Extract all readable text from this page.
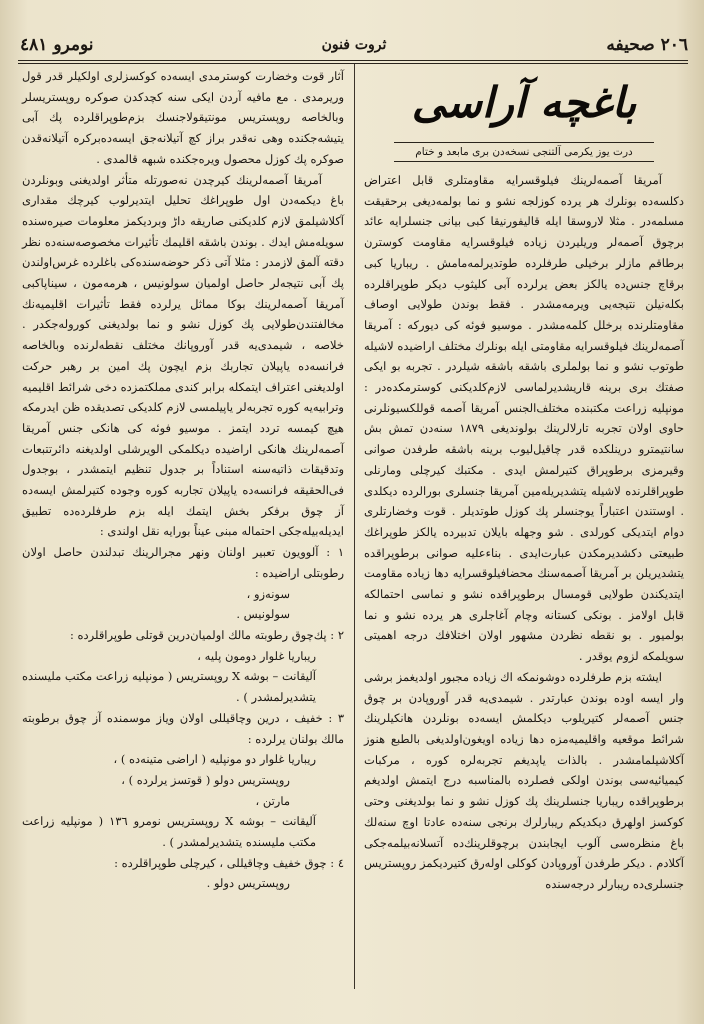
٢٠٦ صحيفه
ثروت فنون
نومرو ٤٨١
باغچه آراسی
درت یوز یکرمی آلتنجی نسخه‌دن بری مابعد و ختام

آمریقا آصمه‌لرینك فیلوقسرایه مقاومتلری قابل اعتراض دکلسه‌ده بونلرك هر یرده کوزلجه نشو و نما بولمه‌دیغی برحقیقت مسلمه‌در . مثلا لاروسقا ایله قالیفورنیقا کبی بیانی جنسلرایه عائد برچوق آصمه‌لر وریلیردن زیاده فیلوقسرایه مقاومت کوسترن برطاقم مازلر برخیلی طرفلرده طوتدیرلمه‌مامش . ریباریا کبی برقاچ جنس‌ده یالکز بعض یرلرده آبی کلیثوب دیکر طوپراقلرده بکله‌نیلن نتیجه‌یی ویرمه‌مشدر . فقط بوندن طولایی اوصاف مقاومتلرنده برخلل کلمه‌مشدر . موسیو فوئه کی دیورکه : آمریقا آصمه‌لرینك فیلوقسرایه مقاومتی ایله بونلرك مختلف اراضیده لاشیله طوتوب نشو و نما بولملری باشقه باشقه شیلردر . تجربه بو ایکی صفتك بری برینه قاریشدیرلماسی لازم‌کلدیکنی کوسترمکده‌در : مونپلیه زراعت مکتبنده مختلف‌الجنس آمریقا آصمه قوللکسیونلرنی حاوی اولان تجربه تارلالرینك بولوندیغی ١٨٧٩ سنه‌دن تمش بش سانتیمترو درینلکده قدر چاقیل‌لیوب برینه باشقه طرفدن صوانی وقیرمزی برطوپراق کتیرلمش ایدی . مکتبك کیرچلی ومارنلی طوپراقلرنده لاشیله یتشدیریله‌مین آمریقا جنسلری بورالرده دیکلدی . اوستندن اعتباراً یوجنسلر پك کوزل طوتدیلر . قوت وخضارتلری دوام ایتدیکی کورلدی . شو وجهله بایلان تدبیرده یالکز طوپراغك طبیعتی دکشدیرمکدن عبارت‌ایدی . بناءعلیه صوانی برطوپراقده یتشدیریلن بر آمریقا آصمه‌سنك محضافیلوقسرایه دها زیاده مقاومت ایتدیکندن طولایی قومسال برطوپراقده نشو و نماسی احتمالکه قابل اولامز . بونکی کستانه وچام آغاجلری هر یرده نشو و نما بولمیور . بو نقطه نظردن مشهور اولان اختلافك درجه اهمیتی سویلمکه لزوم یوقدر .

ایشته بزم طرفلرده دوشونمکه اك زیاده مجبور اولدیغمز برشی وار ایسه اوده بوندن عبارتدر . شیمدی‌یه قدر آوروپادن بر چوق جنس آصمه‌لر کتیریلوب دیکلمش ایسه‌ده بونلردن هانکیلرینك شرائط موقعیه واقلیمیه‌مزه دها زیاده اویغون‌اولدیغی بالطبع هنوز آکلاشیلمامشدر . بالذات یاپدیغم تجربه‌لره کوره ، مرکبات کیمیائیه‌سی بوندن اولکی فصلرده بالمناسبه درج ایتمش اولدیغم برطوپراقده ریباریا جنسلرینك پك کوزل نشو و نما بولدیغنی وحتی کوکسز اولهرق دیکدیکم ریبارلرك برنجی سنه‌ده عادتا اوچ سنه‌لك باغ منظره‌سی آلوب ایجابندن برچوقلرینك‌ده آتسلانه‌بیلمه‌جکی آکلادم . دیکر طرفدن آوروپادن کوکلی اوله‌رق کتیردیکمز روپستریس جنسلری‌ده ریبارلر درجه‌سنده

آثار قوت وخضارت کوسترمدی ایسه‌ده کوکسزلری اولکیلر قدر قول وریرمدی . مع مافیه آردن ایکی سنه کچدکدن صوکره روپستریسلر وبالخاصه روپستریس مونتیقولاجنسك بزم‌طوپراقلرده پك آبی یتیشه‌جکنده وهی نه‌قدر براز کچ آتیلانه‌جق ایسه‌ده‌برکره آتیلانه‌قدن صوکره پك کوزل محصول ویره‌جکنده شبهه قالمدی .

آمریقا آصمه‌لرینك کیرچدن نه‌صورتله متأثر اولدیغنی وبونلردن باغ دیکمه‌دن اول طوپراغك تحلیل ایتدیرلوب کیرچك مقداری آکلاشیلمق لازم کلدیکنی صاریقه داڑ وبردیکمز معلومات صیره‌سنده سویله‌مش ایدك . بوندن باشقه اقلیمك تأثیرات مخصوصه‌سنه‌ده نظر دقته آلمق لازمدر : مثلا آتی ذکر حوضه‌سنده‌کی باغلرده غرس‌اولندن پك آبی نتیجه‌لر حاصل اولمیان سولونیس ، هرمه‌مون ، سیناپاکبی آمریقا آصمه‌لرینك بوکا مماثل یرلرده فقط تأثیرات اقلیمیه‌نك مخالفتندن‌طولایی پك کوزل نشو و نما بولدیغنی کوروله‌جکدر . خلاصه ، شیمدی‌یه قدر آوروپانك مختلف نقطه‌لرنده وبالخاصه فرانسه‌ده یاپیلان تجاربك بزم ایچون پك امین بر رهبر حرکت اولدیغنی اعتراف ایتمکله برابر کندی مملکتمزده دخی شرائط اقلیمیه وترابیه‌یه کوره تجربه‌لر یاپیلمسی لازم کلدیکی تصدیقده ظن ایدرمکه هیچ کیمسه تردد ایتمز . موسیو فوئه کی هانکی جنس آمریقا آصمه‌لرینك هانکی اراضیده دیکلمکی الویرشلی اولدیغنه دائرتتبعات وتدقیقات ذاتیه‌سنه استناداً بر جدول تنظیم ایتمشدر ، بوجدول فی‌الحقیقه فرانسه‌ده یاپیلان تجاربه کوره وجوده کتیرلمش ایسه‌ده آز چوق برفکر بخش ایتمك ایله بزم طرفلرده‌ده تطبیق ایدیله‌بیله‌جکی احتماله مبنی عیناً بورایه نقل اولندی :

١ : آلوویون تعبیر اولنان ونهر مجرالرینك تبدلندن حاصل اولان رطوبتلی اراضیده :

سونه‌زو ،

سولونیس .

٢ : پك‌چوق رطوبته مالك اولمیان‌درین قوتلی طوپراقلرده :

ریباریا غلوار دومون پلیه ،

آلیقانت – بوشه X روپستریس ( مونپلیه زراعت مکتب ملیسنده یتشدیرلمشدر ) .

٣ : خفیف ، درین وچاقیللی اولان ویاز موسمنده آز چوق برطوبته مالك بولنان یرلرده :

ریباریا غلوار دو مونپلیه ( اراضی متینه‌ده ) ،

روپستریس دولو ( قوتسز یرلرده ) ،

مارتن ،

آلیقانت – بوشه X روپستریس نومرو ١٣٦ ( مونپلیه زراعت مکتب ملیسنده یتشدیرلمشدر ) .

٤ : چوق خفیف وچاقیللی ، کیرچلی طوپراقلرده :

روپستریس دولو .
